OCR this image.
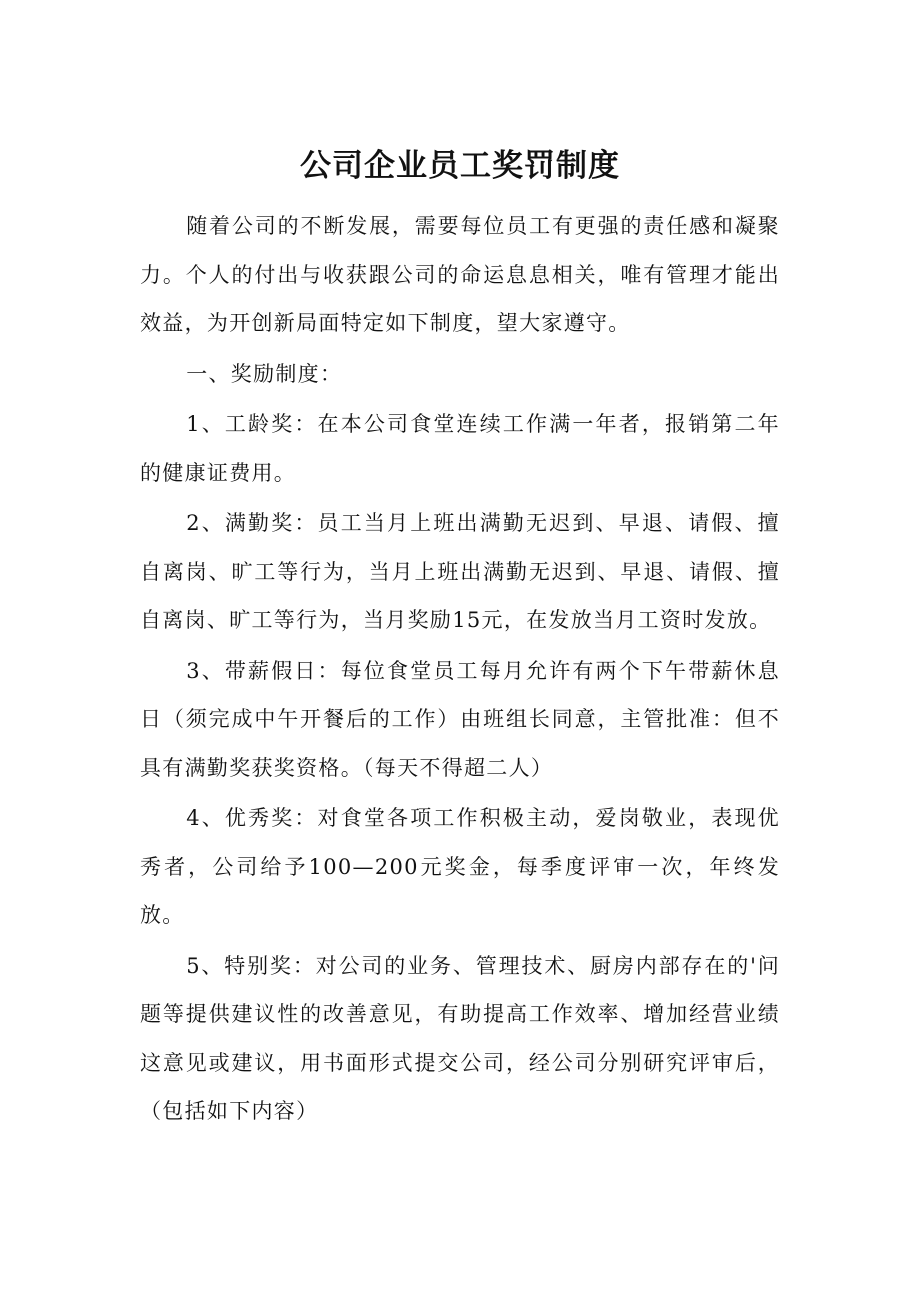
公司企业员工奖罚制度

随着公司的不断发展，需要每位员工有更强的责任感和凝聚力。个人的付出与收获跟公司的命运息息相关，唯有管理才能出效益，为开创新局面特定如下制度，望大家遵守。

一、奖励制度：

1、工龄奖：在本公司食堂连续工作满一年者，报销第二年的健康证费用。

2、满勤奖：员工当月上班出满勤无迟到、早退、请假、擅自离岗、旷工等行为，当月上班出满勤无迟到、早退、请假、擅自离岗、旷工等行为，当月奖励15元，在发放当月工资时发放。

3、带薪假日：每位食堂员工每月允许有两个下午带薪休息日（须完成中午开餐后的工作）由班组长同意，主管批准：但不具有满勤奖获奖资格。（每天不得超二人）

4、优秀奖：对食堂各项工作积极主动，爱岗敬业，表现优秀者，公司给予100—200元奖金，每季度评审一次，年终发放。

5、特别奖：对公司的业务、管理技术、厨房内部存在的'问题等提供建议性的改善意见，有助提高工作效率、增加经营业绩这意见或建议，用书面形式提交公司，经公司分别研究评审后，（包括如下内容）
